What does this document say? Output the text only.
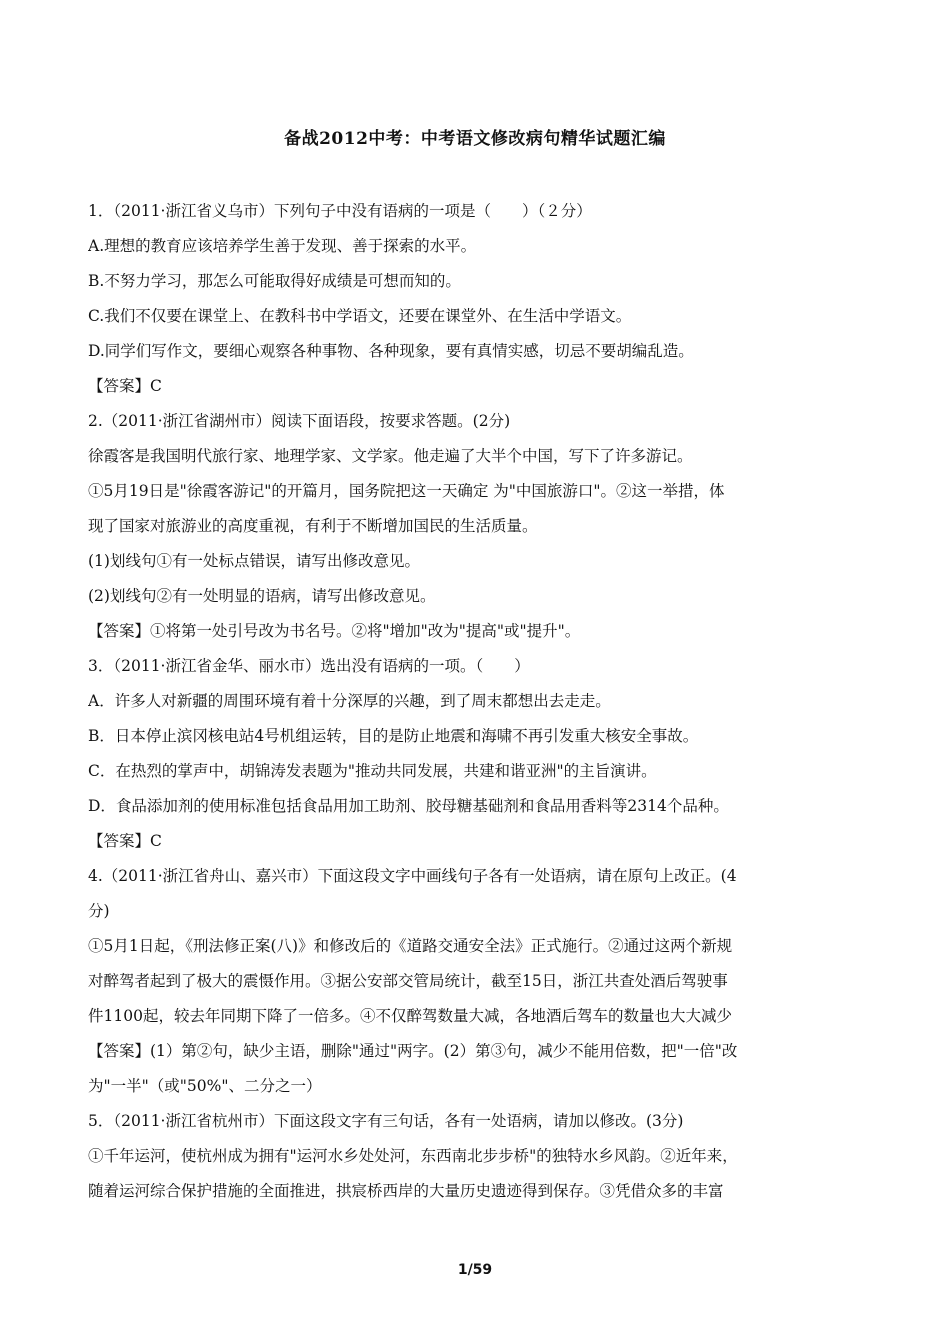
备战2012中考：中考语文修改病句精华试题汇编
1．（2011·浙江省义乌市）下列句子中没有语病的一项是（　　）（２分）
A.理想的教育应该培养学生善于发现、善于探索的水平。
B.不努力学习，那怎么可能取得好成绩是可想而知的。
C.我们不仅要在课堂上、在教科书中学语文，还要在课堂外、在生活中学语文。
D.同学们写作文，要细心观察各种事物、各种现象，要有真情实感，切忌不要胡编乱造。
【答案】C
2.（2011·浙江省湖州市）阅读下面语段，按要求答题。(2分)
徐霞客是我国明代旅行家、地理学家、文学家。他走遍了大半个中国，写下了许多游记。
①5月19日是"徐霞客游记"的开篇月，国务院把这一天确定 为"中国旅游口"。②这一举措，体
现了国家对旅游业的高度重视，有利于不断增加国民的生活质量。
(1)划线句①有一处标点错误，请写出修改意见。
(2)划线句②有一处明显的语病，请写出修改意见。
【答案】①将第一处引号改为书名号。②将"增加"改为"提高"或"提升"。
3．（2011·浙江省金华、丽水市）选出没有语病的一项。（　　）
A．许多人对新疆的周围环境有着十分深厚的兴趣，到了周末都想出去走走。
B．日本停止滨冈核电站4号机组运转，目的是防止地震和海啸不再引发重大核安全事故。
C．在热烈的掌声中，胡锦涛发表题为"推动共同发展，共建和谐亚洲"的主旨演讲。
D．食品添加剂的使用标准包括食品用加工助剂、胶母糖基础剂和食品用香料等2314个品种。
【答案】C
4.（2011·浙江省舟山、嘉兴市）下面这段文字中画线句子各有一处语病，请在原句上改正。(4
分)
①5月1日起，《刑法修正案(八)》和修改后的《道路交通安全法》正式施行。②通过这两个新规
对醉驾者起到了极大的震慑作用。③据公安部交管局统计，截至15日，浙江共查处酒后驾驶事
件1100起，较去年同期下降了一倍多。④不仅醉驾数量大减，各地酒后驾车的数量也大大减少
【答案】(1）第②句，缺少主语，删除"通过"两字。(2）第③句，减少不能用倍数，把"一倍"改
为"一半"（或"50%"、二分之一）
5．（2011·浙江省杭州市）下面这段文字有三句话，各有一处语病，请加以修改。(3分)
①千年运河，使杭州成为拥有"运河水乡处处河，东西南北步步桥"的独特水乡风韵。②近年来，
随着运河综合保护措施的全面推进，拱宸桥西岸的大量历史遗迹得到保存。③凭借众多的丰富
1/59
